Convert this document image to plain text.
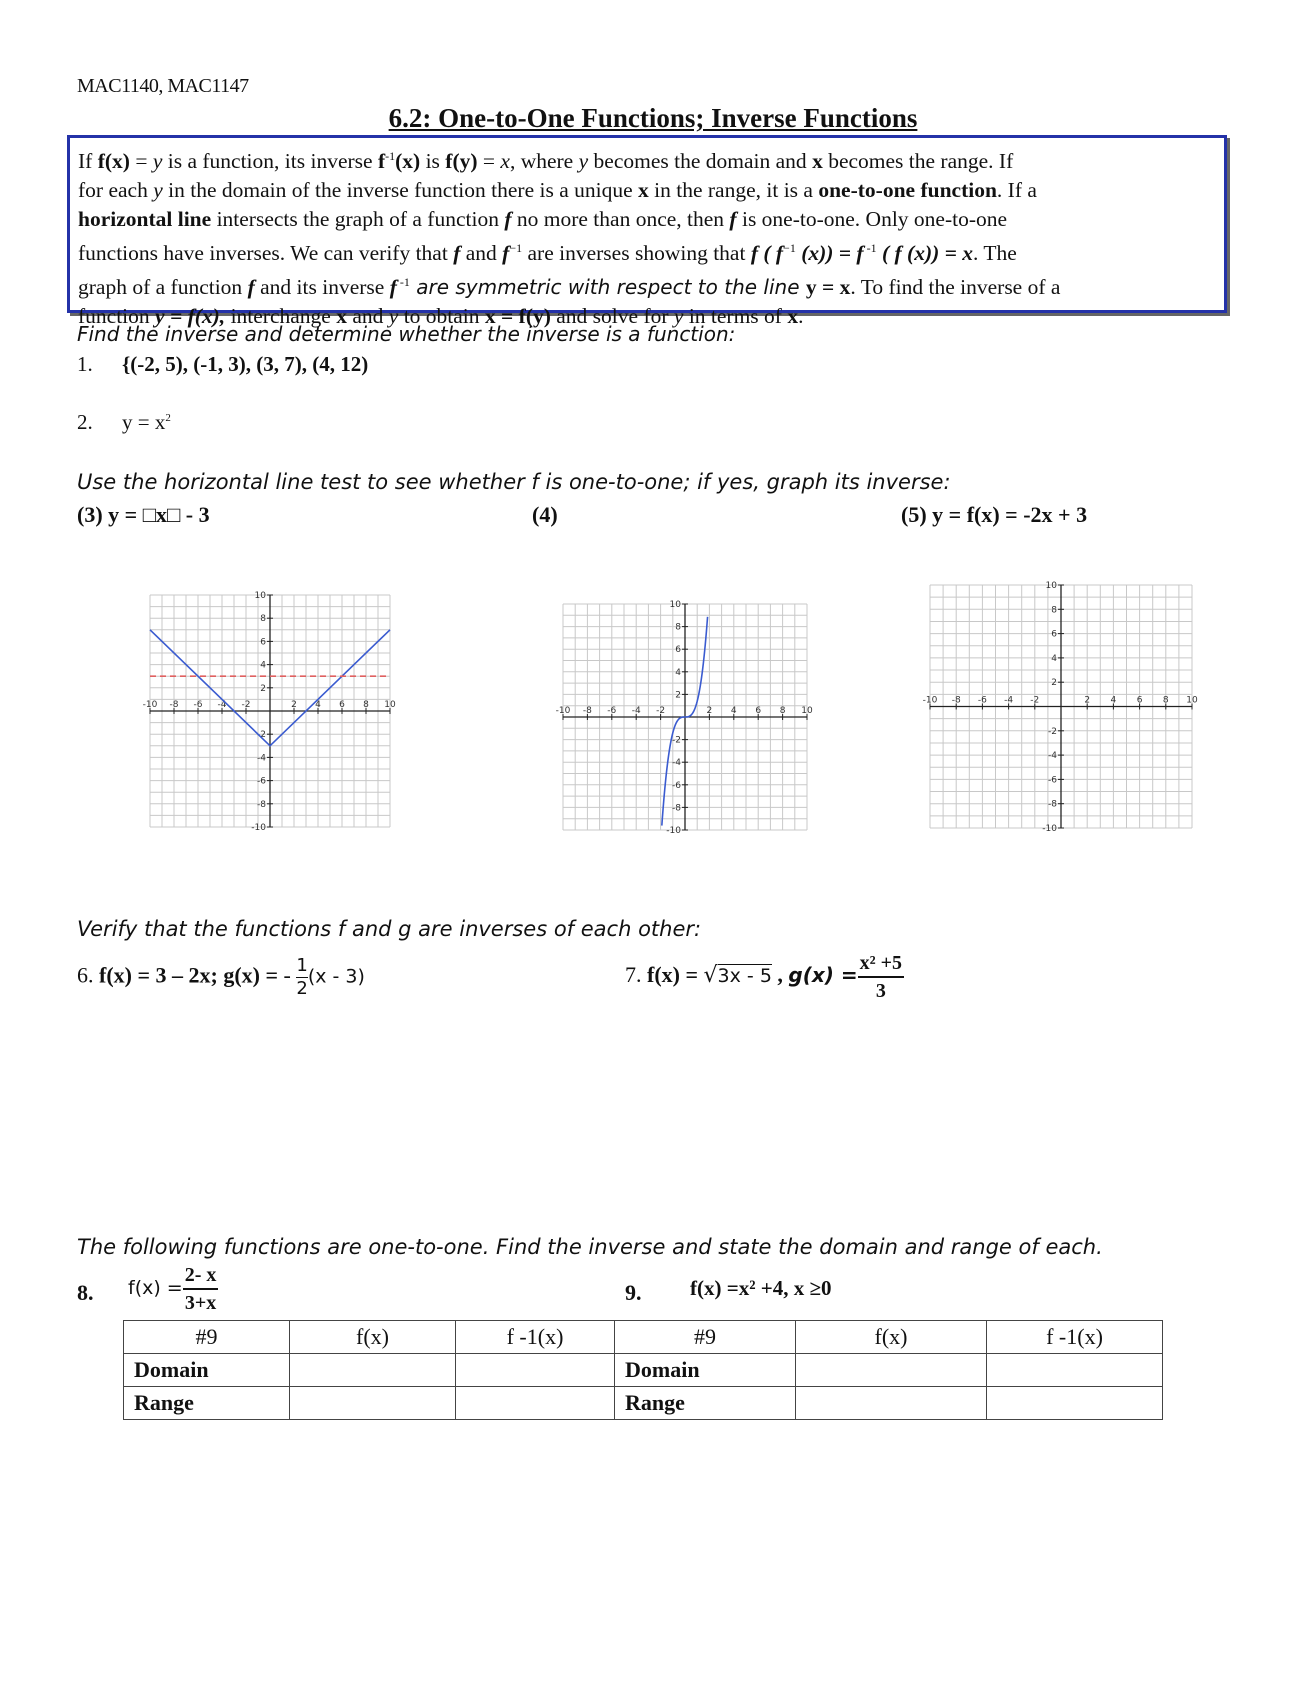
MAC1140, MAC1147
6.2: One-to-One Functions; Inverse Functions
If f(x) = y is a function, its inverse $f^{-1}(x)$ is f(y) = x, where y becomes the domain and x becomes the range. If
for each y in the domain of the inverse function there is a unique x in the range, it is a one-to-one function. If a
horizontal line intersects the graph of a function f no more than once, then f is one-to-one. Only one-to-one
functions have inverses. We can verify that f and $f^{-1}$ are inverses showing that f ( $f^{-1}$ (x)) = f $^{-1}$ ( f (x)) = x. The
graph of a function f and its inverse f $^{-1}$ are symmetric with respect to the line y = x. To find the inverse of a
function y = f(x), interchange x and y to obtain x = f(y) and solve for y in terms of x.
Find the inverse and determine whether the inverse is a function:
1. {(-2, 5), (-1, 3), (3, 7), (4, 12)
2. $y = x^2$
Use the horizontal line test to see whether f is one-to-one; if yes, graph its inverse:
(3) y = □x□ - 3	(4)	(5) y = f(x) = -2x + 3
-10 -8 -6 -4 -2	2 4 6 8 10
10
8
6
4
2
-2
-4
-6
-8
-10
-10 -8 -6 -4 -2	2 4 6 8 10
10
8
6
4
2
-2
-4
-6
-8
-10
-10 -8 -6 -4 -2	2 4 6 8 10
10
8
6
4
2
-2
-4
-6
-8
-10
Verify that the functions f and g are inverses of each other:
6. f(x) = 3 – 2x; g(x) = - $\frac{1}{2} (x - 3)$	7. f(x) = √3x - 5 , $g(x) = \frac{\text{x² +5}}{3}$
The following functions are one-to-one. Find the inverse and state the domain and range of each.
8. $f(x) = \frac{2- x}{3+x}$	9. f(x) =x² +4, x ≥0
#9	f(x)	f -1(x)	#9	f(x)	f -1(x)
Domain			Domain		
Range			Range		
